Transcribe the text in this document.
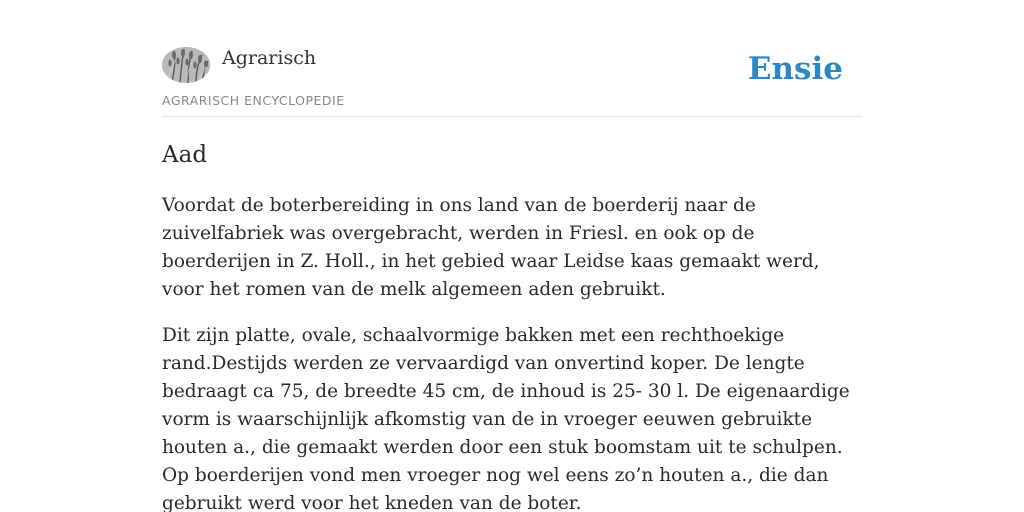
Agrarisch
AGRARISCH ENCYCLOPEDIE
Ensie
Aad

Voordat de boterbereiding in ons land van de boerderij naar de zuivelfabriek was overgebracht, werden in Friesl. en ook op de boerderijen in Z. Holl., in het gebied waar Leidse kaas gemaakt werd, voor het romen van de melk algemeen aden gebruikt.

Dit zijn platte, ovale, schaalvormige bakken met een rechthoekige rand.Destijds werden ze vervaardigd van onvertind koper. De lengte bedraagt ca 75, de breedte 45 cm, de inhoud is 25- 30 l. De eigenaardige vorm is waarschijnlijk afkomstig van de in vroeger eeuwen gebruikte houten a., die gemaakt werden door een stuk boomstam uit te schulpen. Op boerderijen vond men vroeger nog wel eens zo’n houten a., die dan gebruikt werd voor het kneden van de boter.
